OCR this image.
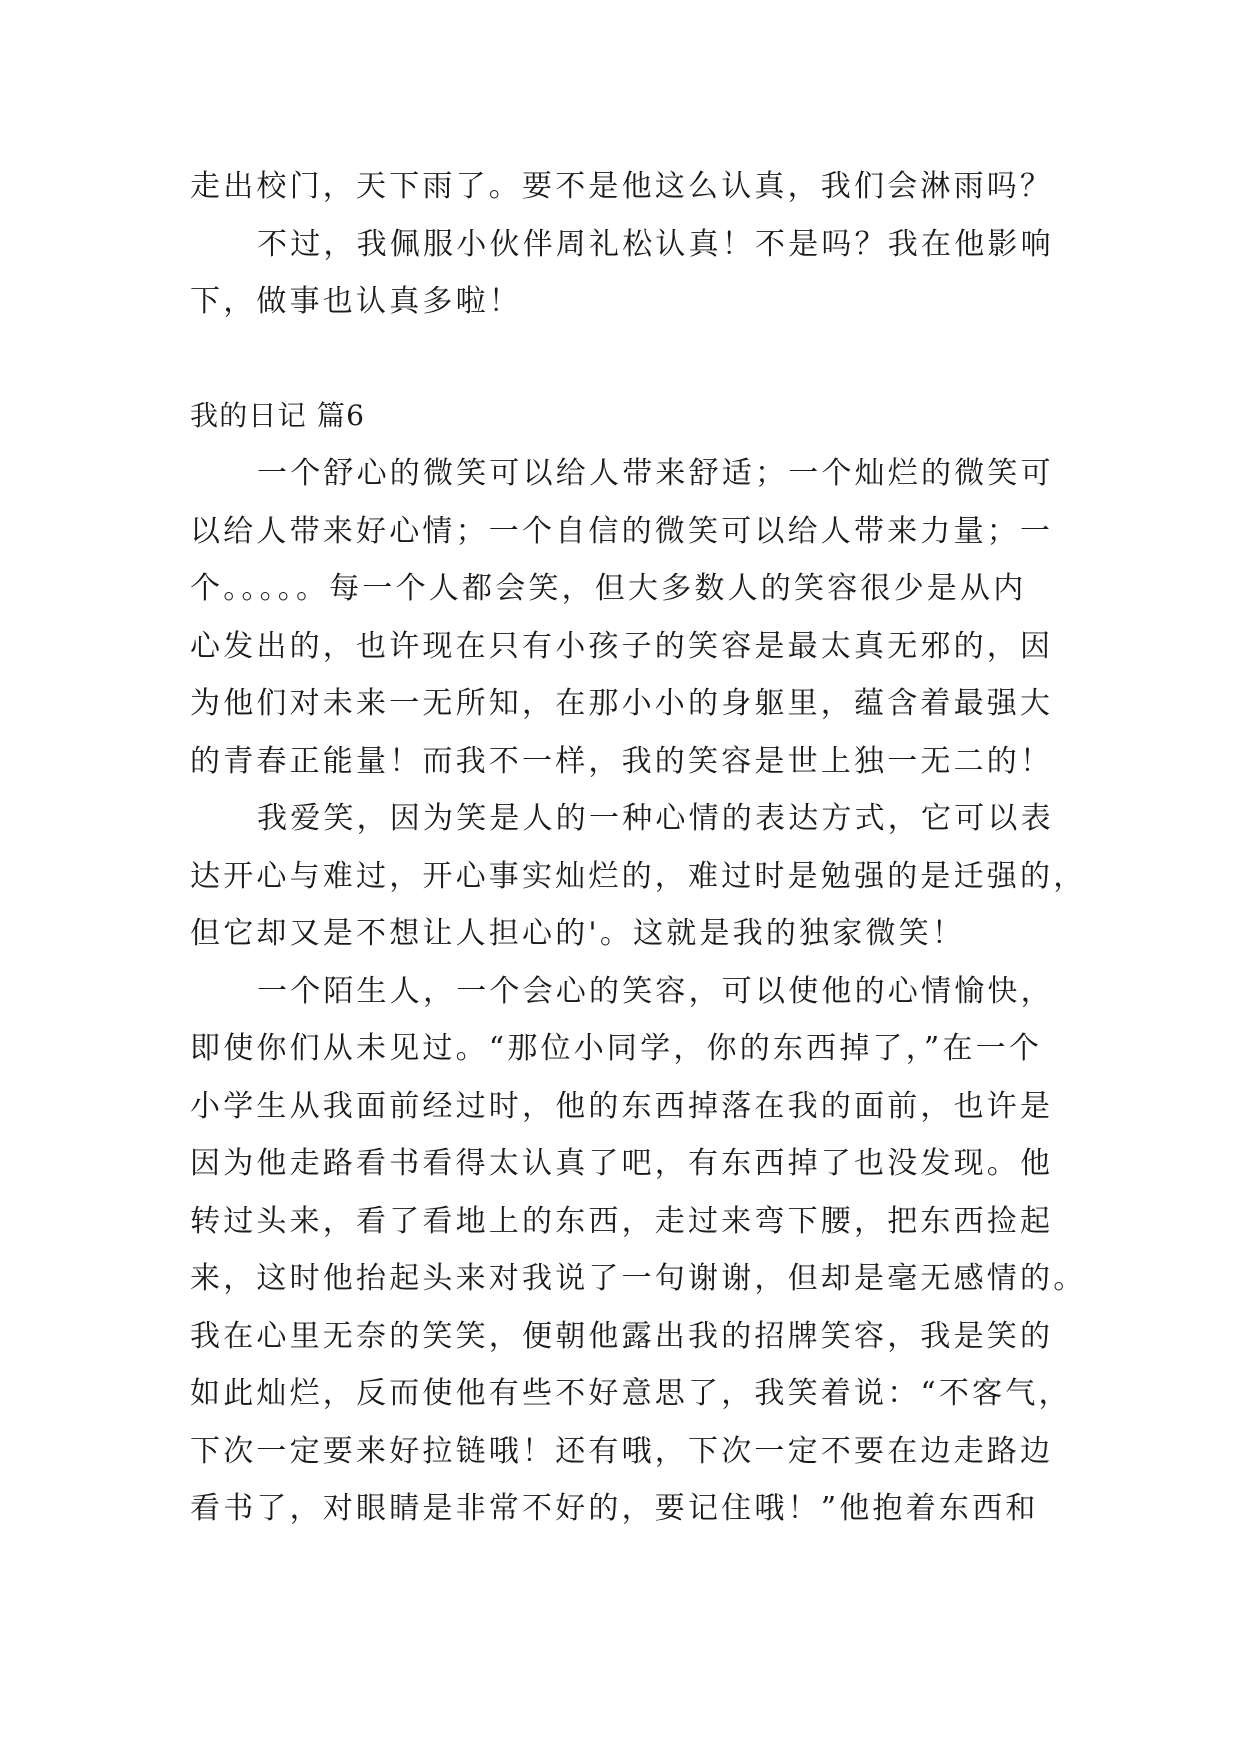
走出校门，天下雨了。要不是他这么认真，我们会淋雨吗？
不过，我佩服小伙伴周礼松认真！不是吗？我在他影响
下，做事也认真多啦！
我的日记 篇6
一个舒心的微笑可以给人带来舒适；一个灿烂的微笑可
以给人带来好心情；一个自信的微笑可以给人带来力量；一
个。。。。。每一个人都会笑，但大多数人的笑容很少是从内
心发出的，也许现在只有小孩子的笑容是最太真无邪的，因
为他们对未来一无所知，在那小小的身躯里，蕴含着最强大
的青春正能量！而我不一样，我的笑容是世上独一无二的！
我爱笑，因为笑是人的一种心情的表达方式，它可以表
达开心与难过，开心事实灿烂的，难过时是勉强的是迁强的，
但它却又是不想让人担心的'。这就是我的独家微笑！
一个陌生人，一个会心的笑容，可以使他的心情愉快，
即使你们从未见过。“那位小同学，你的东西掉了，”在一个
小学生从我面前经过时，他的东西掉落在我的面前，也许是
因为他走路看书看得太认真了吧，有东西掉了也没发现。他
转过头来，看了看地上的东西，走过来弯下腰，把东西捡起
来，这时他抬起头来对我说了一句谢谢，但却是毫无感情的。
我在心里无奈的笑笑，便朝他露出我的招牌笑容，我是笑的
如此灿烂，反而使他有些不好意思了，我笑着说：“不客气，
下次一定要来好拉链哦！还有哦，下次一定不要在边走路边
看书了，对眼睛是非常不好的，要记住哦！”他抱着东西和
